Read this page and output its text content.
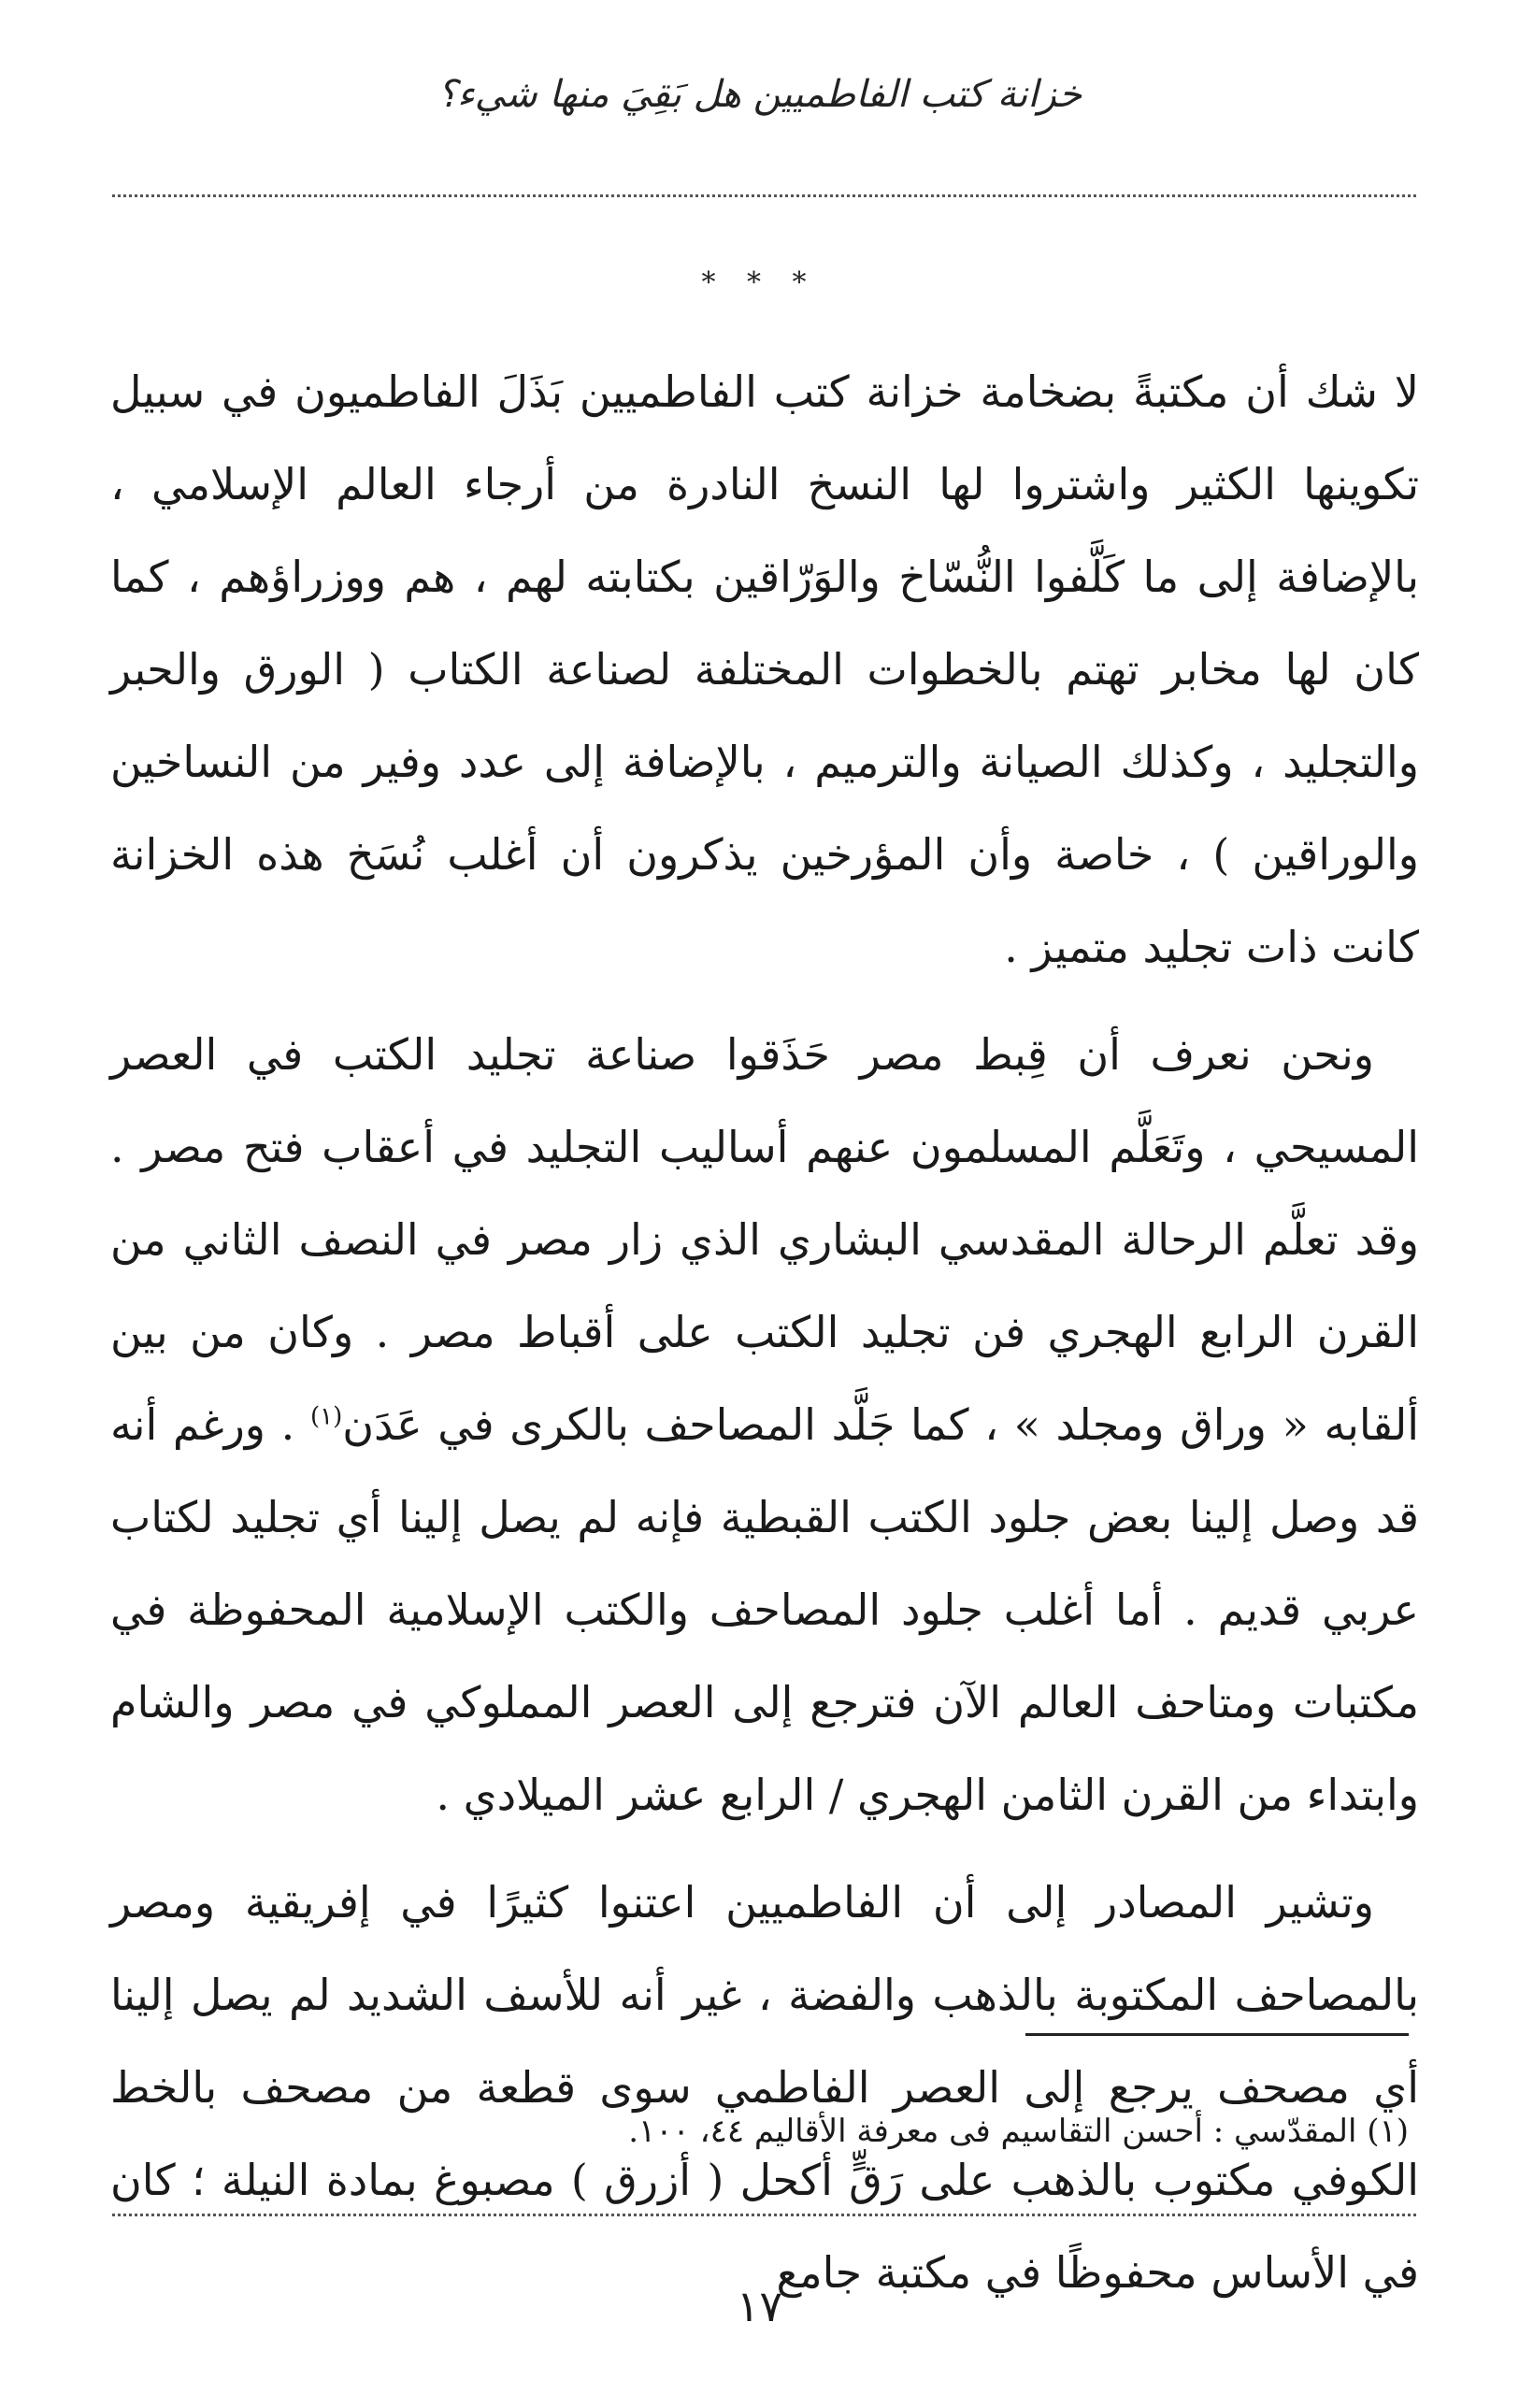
خزانة كتب الفاطميين هل بَقِيَ منها شيء؟
* * *

لا شك أن مكتبةً بضخامة خزانة كتب الفاطميين بَذَلَ الفاطميون في سبيل تكوينها الكثير واشتروا لها النسخ النادرة من أرجاء العالم الإسلامي ، بالإضافة إلى ما كَلَّفوا النُّسّاخ والوَرّاقين بكتابته لهم ، هم ووزراؤهم ، كما كان لها مخابر تهتم بالخطوات المختلفة لصناعة الكتاب ( الورق والحبر والتجليد ، وكذلك الصيانة والترميم ، بالإضافة إلى عدد وفير من النساخين والوراقين ) ، خاصة وأن المؤرخين يذكرون أن أغلب نُسَخ هذه الخزانة كانت ذات تجليد متميز .

ونحن نعرف أن قِبط مصر حَذَقوا صناعة تجليد الكتب في العصر المسيحي ، وتَعَلَّم المسلمون عنهم أساليب التجليد في أعقاب فتح مصر . وقد تعلَّم الرحالة المقدسي البشاري الذي زار مصر في النصف الثاني من القرن الرابع الهجري فن تجليد الكتب على أقباط مصر . وكان من بين ألقابه « وراق ومجلد » ، كما جَلَّد المصاحف بالكرى في عَدَن$^{(١)}$ . ورغم أنه قد وصل إلينا بعض جلود الكتب القبطية فإنه لم يصل إلينا أي تجليد لكتاب عربي قديم . أما أغلب جلود المصاحف والكتب الإسلامية المحفوظة في مكتبات ومتاحف العالم الآن فترجع إلى العصر المملوكي في مصر والشام وابتداء من القرن الثامن الهجري / الرابع عشر الميلادي .

وتشير المصادر إلى أن الفاطميين اعتنوا كثيرًا في إفريقية ومصر بالمصاحف المكتوبة بالذهب والفضة ، غير أنه للأسف الشديد لم يصل إلينا أي مصحف يرجع إلى العصر الفاطمي سوى قطعة من مصحف بالخط الكوفي مكتوب بالذهب على رَقٍّ أكحل ( أزرق ) مصبوغ بمادة النيلة ؛ كان في الأساس محفوظًا في مكتبة جامع

(١) المقدّسي : أحسن التقاسيم فى معرفة الأقاليم ٤٤، ١٠٠.
١٧
